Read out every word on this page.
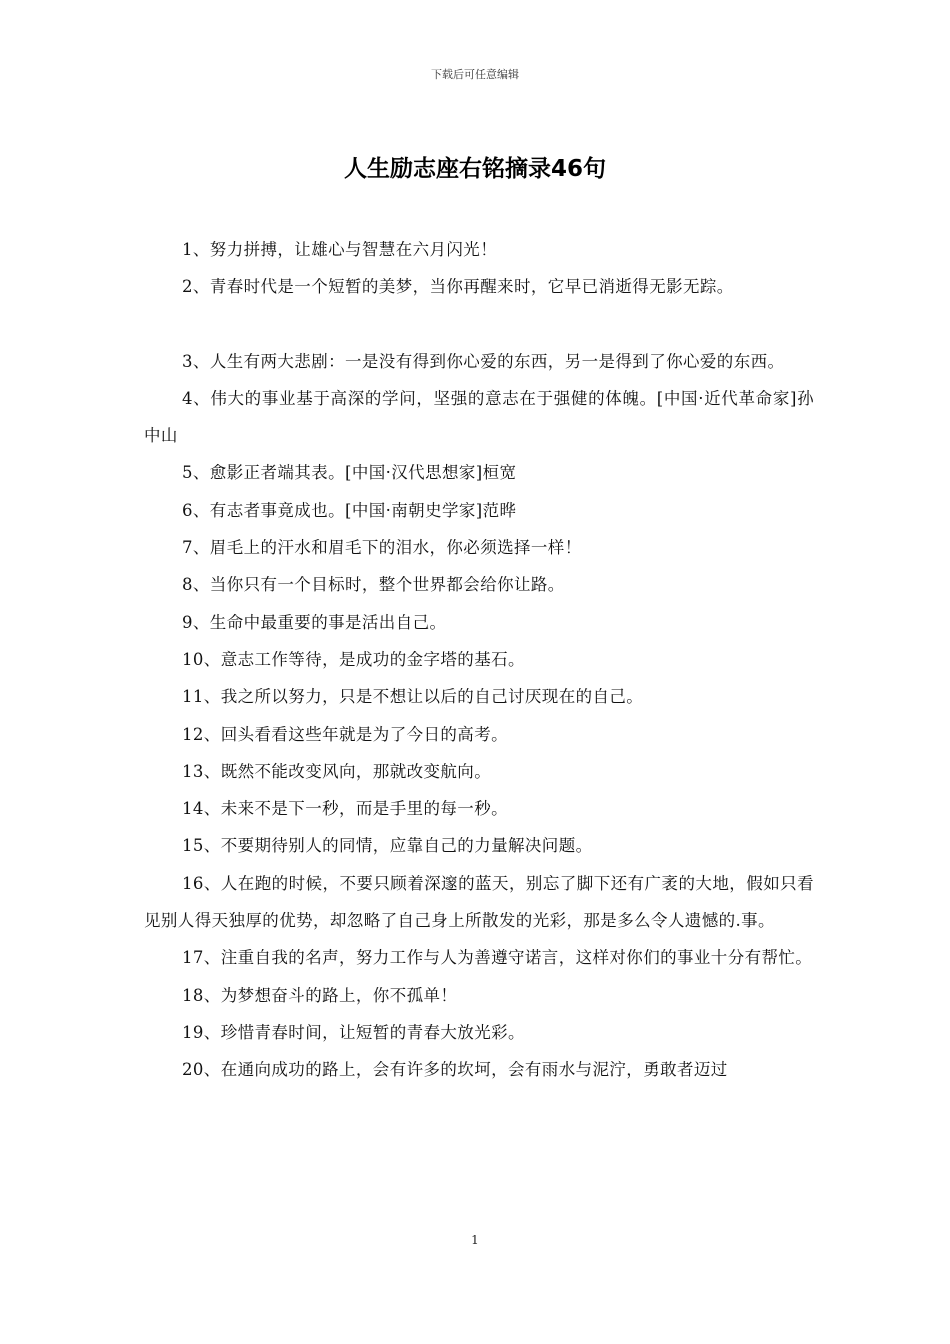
下载后可任意编辑
人生励志座右铭摘录46句

1、努力拼搏，让雄心与智慧在六月闪光！

2、青春时代是一个短暂的美梦，当你再醒来时，它早已消逝得无影无踪。

3、人生有两大悲剧：一是没有得到你心爱的东西，另一是得到了你心爱的东西。

4、伟大的事业基于高深的学问，坚强的意志在于强健的体魄。[中国·近代革命家]孙中山

5、愈影正者端其表。[中国·汉代思想家]桓宽

6、有志者事竟成也。[中国·南朝史学家]范晔

7、眉毛上的汗水和眉毛下的泪水，你必须选择一样！

8、当你只有一个目标时，整个世界都会给你让路。

9、生命中最重要的事是活出自己。

10、意志工作等待，是成功的金字塔的基石。

11、我之所以努力，只是不想让以后的自己讨厌现在的自己。

12、回头看看这些年就是为了今日的高考。

13、既然不能改变风向，那就改变航向。

14、未来不是下一秒，而是手里的每一秒。

15、不要期待别人的同情，应靠自己的力量解决问题。

16、人在跑的时候，不要只顾着深邃的蓝天，别忘了脚下还有广袤的大地，假如只看见别人得天独厚的优势，却忽略了自己身上所散发的光彩，那是多么令人遗憾的.事。

17、注重自我的名声，努力工作与人为善遵守诺言，这样对你们的事业十分有帮忙。

18、为梦想奋斗的路上，你不孤单！

19、珍惜青春时间，让短暂的青春大放光彩。

20、在通向成功的路上，会有许多的坎坷，会有雨水与泥泞，勇敢者迈过

1
